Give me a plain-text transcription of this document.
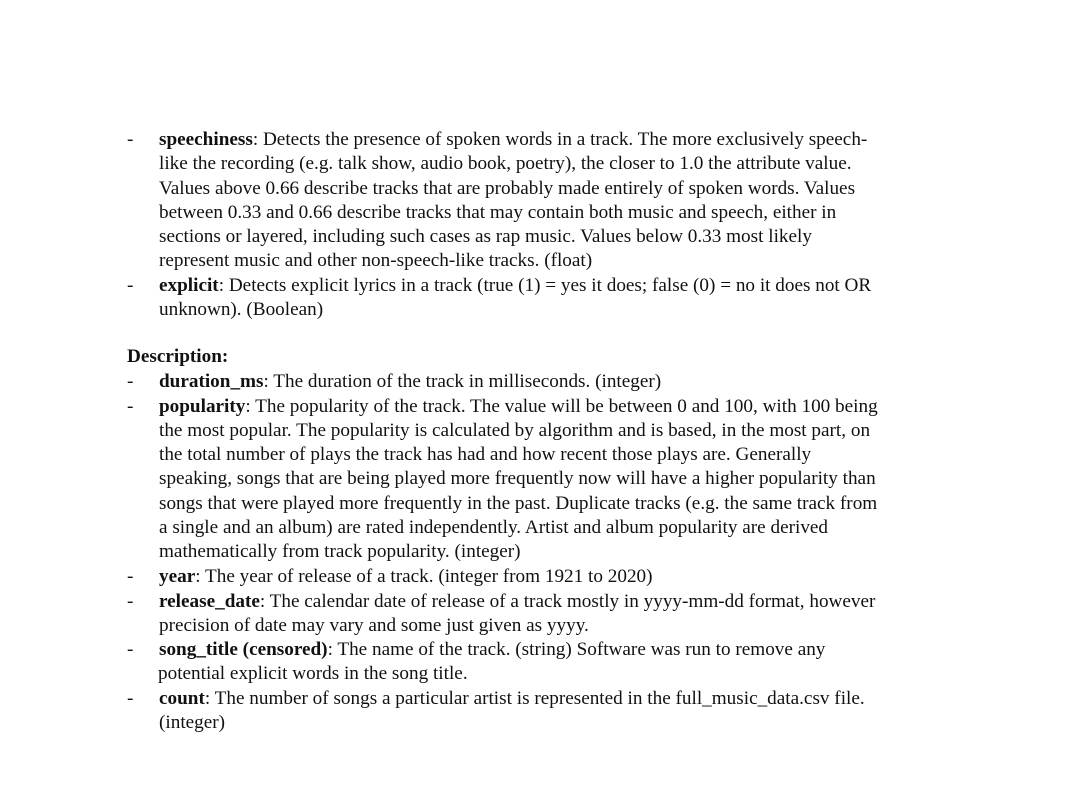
-	speechiness: Detects the presence of spoken words in a track. The more exclusively speech-
like the recording (e.g. talk show, audio book, poetry), the closer to 1.0 the attribute value.
Values above 0.66 describe tracks that are probably made entirely of spoken words. Values
between 0.33 and 0.66 describe tracks that may contain both music and speech, either in
sections or layered, including such cases as rap music. Values below 0.33 most likely
represent music and other non-speech-like tracks. (float)
-	explicit: Detects explicit lyrics in a track (true (1) = yes it does; false (0) = no it does not OR
unknown). (Boolean)
Description:
-	duration_ms: The duration of the track in milliseconds. (integer)
-	popularity: The popularity of the track. The value will be between 0 and 100, with 100 being
the most popular. The popularity is calculated by algorithm and is based, in the most part, on
the total number of plays the track has had and how recent those plays are. Generally
speaking, songs that are being played more frequently now will have a higher popularity than
songs that were played more frequently in the past. Duplicate tracks (e.g. the same track from
a single and an album) are rated independently. Artist and album popularity are derived
mathematically from track popularity. (integer)
-	year: The year of release of a track. (integer from 1921 to 2020)
-	release_date: The calendar date of release of a track mostly in yyyy-mm-dd format, however
precision of date may vary and some just given as yyyy.
-	song_title (censored): The name of the track. (string) Software was run to remove any
potential explicit words in the song title.
-	count: The number of songs a particular artist is represented in the full_music_data.csv file.
(integer)
